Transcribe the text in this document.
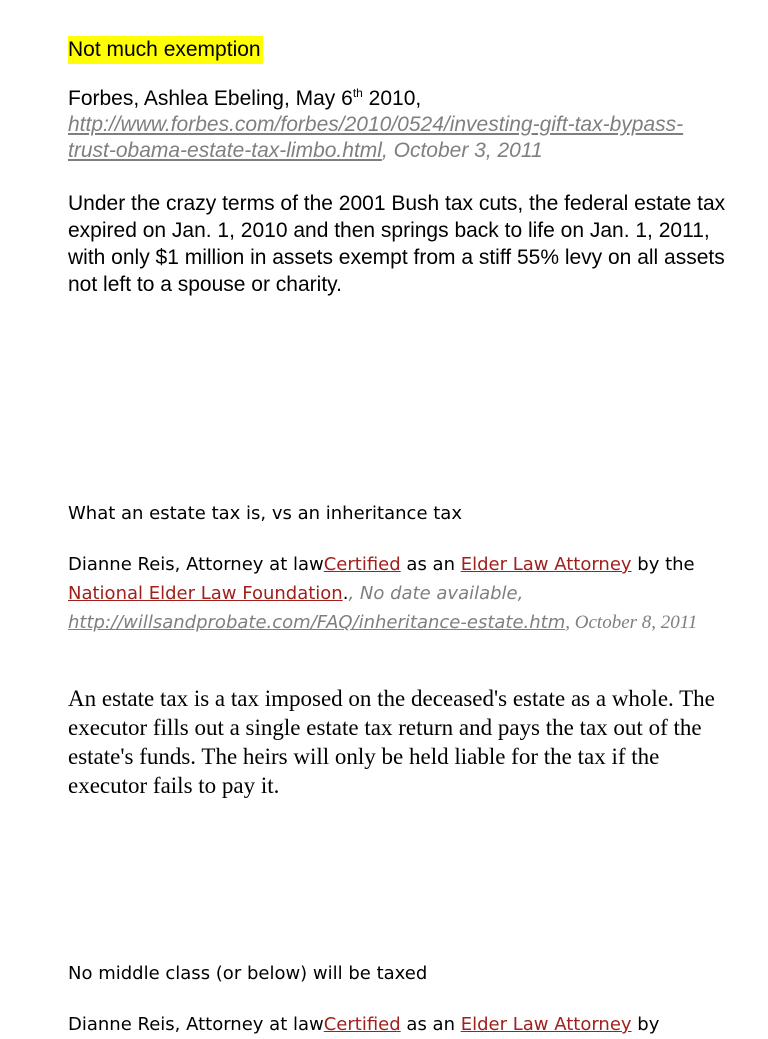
Not much exemption
Forbes, Ashlea Ebeling, May 6th 2010,
http://www.forbes.com/forbes/2010/0524/investing-gift-tax-bypass-trust-obama-estate-tax-limbo.html, October 3, 2011
Under the crazy terms of the 2001 Bush tax cuts, the federal estate tax expired on Jan. 1, 2010 and then springs back to life on Jan. 1, 2011, with only $1 million in assets exempt from a stiff 55% levy on all assets not left to a spouse or charity.
What an estate tax is, vs an inheritance tax
Dianne Reis, Attorney at lawCertified as an Elder Law Attorney by the National Elder Law Foundation., No date available, http://willsandprobate.com/FAQ/inheritance-estate.htm, October 8, 2011
An estate tax is a tax imposed on the deceased's estate as a whole. The executor fills out a single estate tax return and pays the tax out of the estate's funds. The heirs will only be held liable for the tax if the executor fails to pay it.
No middle class (or below) will be taxed
Dianne Reis, Attorney at lawCertified as an Elder Law Attorney by
